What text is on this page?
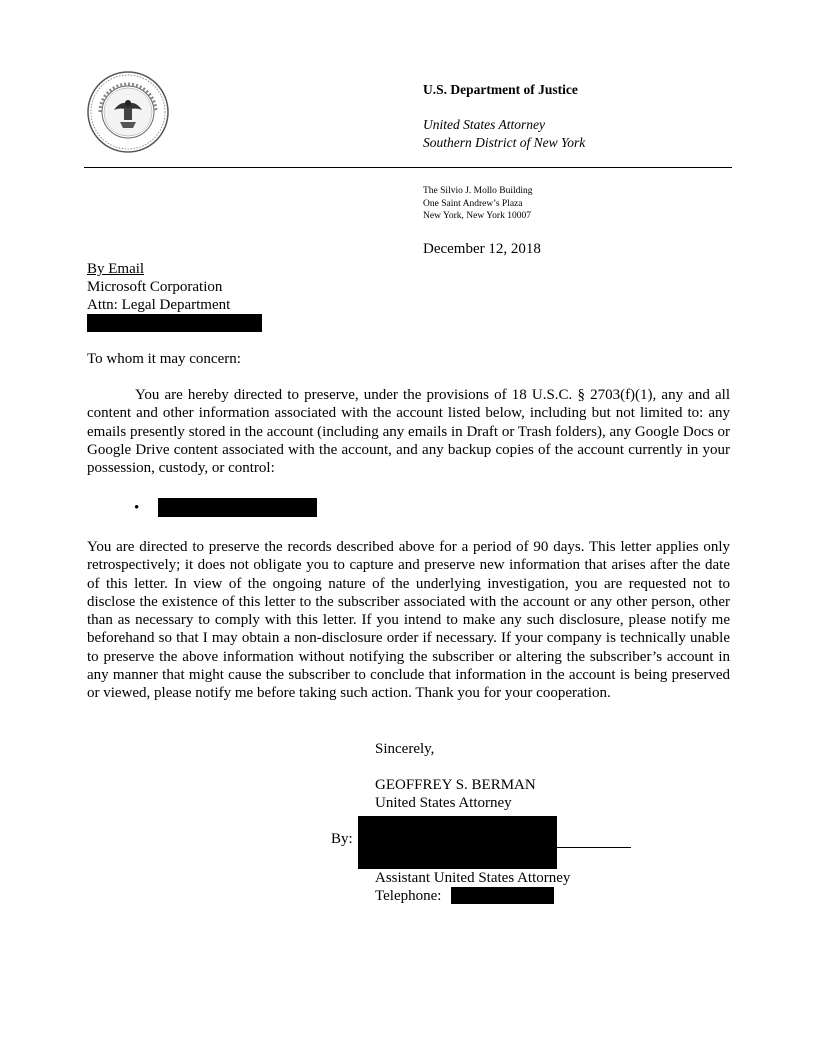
U.S. Department of Justice
United States Attorney
Southern District of New York
The Silvio J. Mollo Building
One Saint Andrew’s Plaza
New York, New York 10007
December 12, 2018
By Email
Microsoft Corporation
Attn: Legal Department
To whom it may concern:
You are hereby directed to preserve, under the provisions of 18 U.S.C. § 2703(f)(1), any and all content and other information associated with the account listed below, including but not limited to: any emails presently stored in the account (including any emails in Draft or Trash folders), any Google Docs or Google Drive content associated with the account, and any backup copies of the account currently in your possession, custody, or control:
•
You are directed to preserve the records described above for a period of 90 days. This letter applies only retrospectively; it does not obligate you to capture and preserve new information that arises after the date of this letter. In view of the ongoing nature of the underlying investigation, you are requested not to disclose the existence of this letter to the subscriber associated with the account or any other person, other than as necessary to comply with this letter. If you intend to make any such disclosure, please notify me beforehand so that I may obtain a non-disclosure order if necessary. If your company is technically unable to preserve the above information without notifying the subscriber or altering the subscriber’s account in any manner that might cause the subscriber to conclude that information in the account is being preserved or viewed, please notify me before taking such action. Thank you for your cooperation.
Sincerely,
GEOFFREY S. BERMAN
United States Attorney
By:
Assistant United States Attorney
Telephone:
